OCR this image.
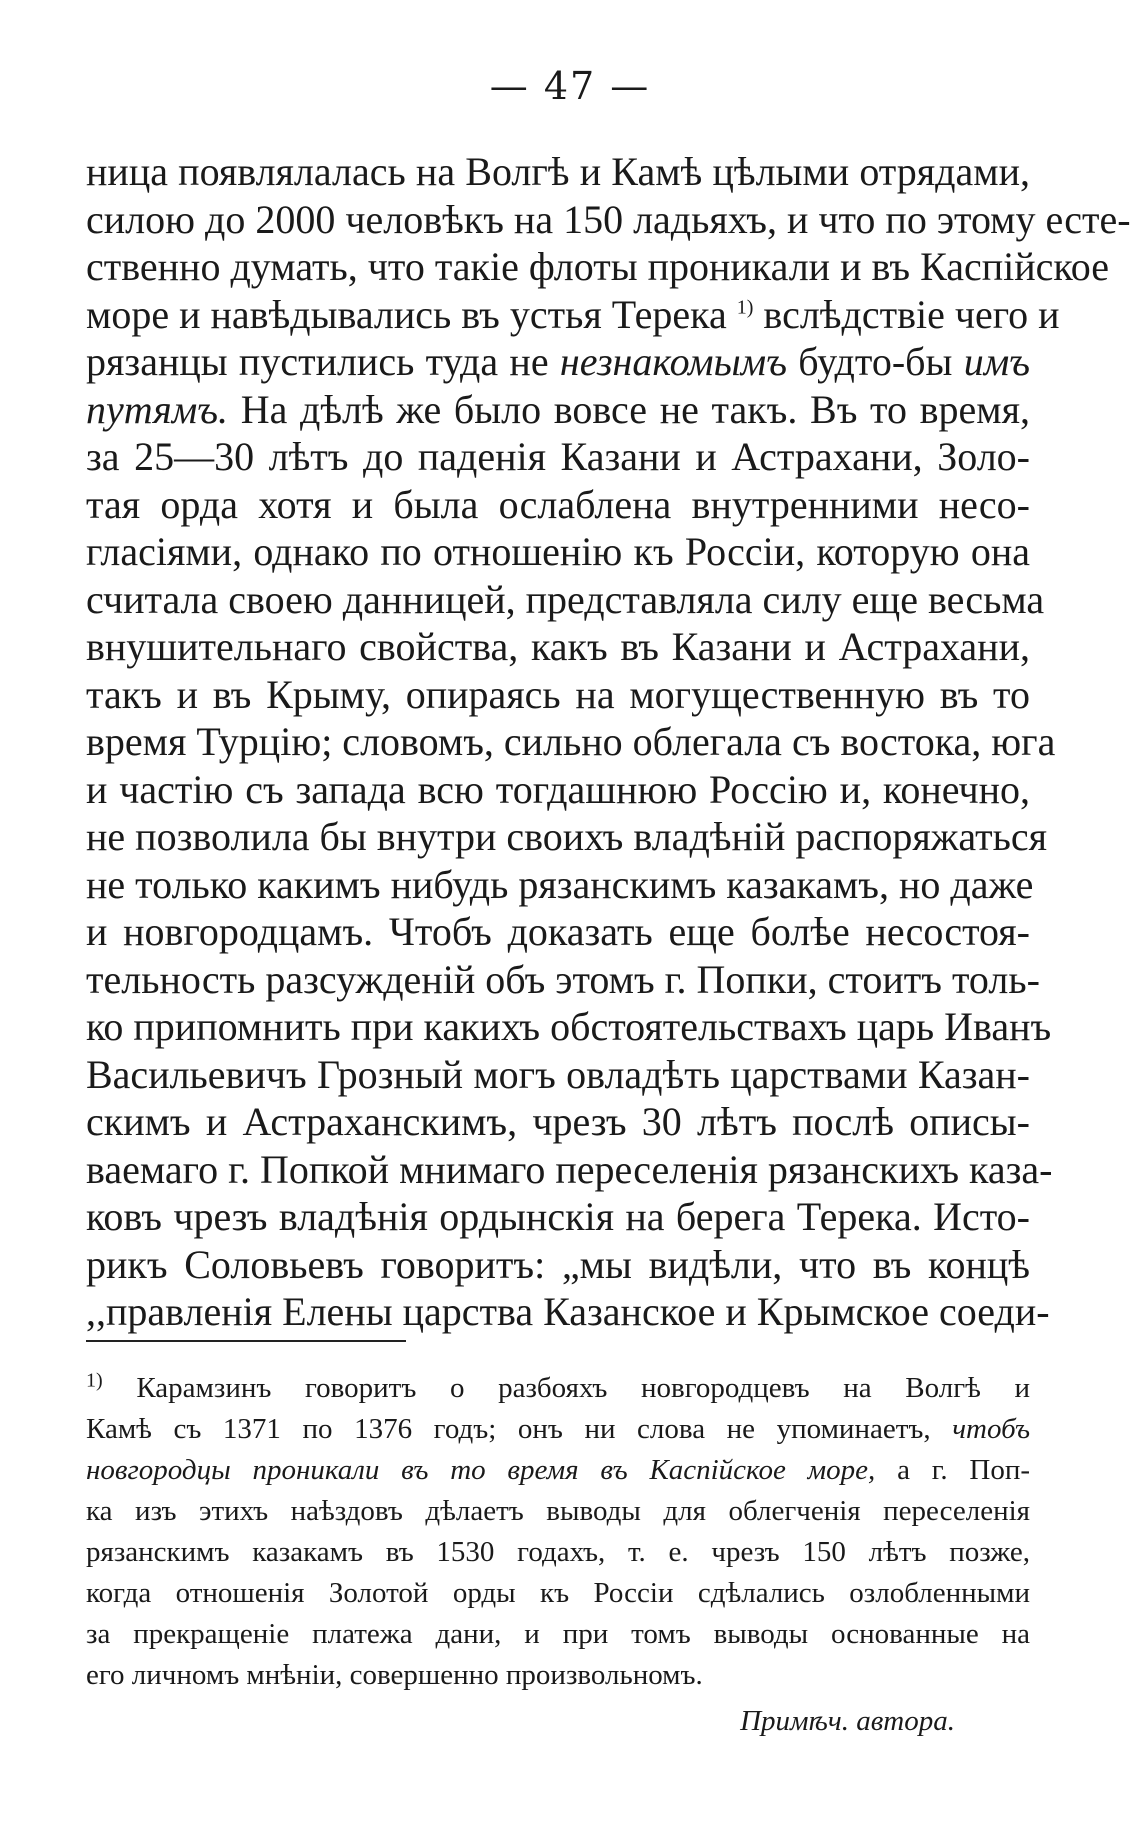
— 47 —
ница появлялалась на Волгѣ и Камѣ цѣлыми отрядами,
силою до 2000 человѣкъ на 150 ладьяхъ, и что по этому есте-
ственно думать, что такіе флоты проникали и въ Каспійское
море и навѣдывались въ устья Терека $^{1)}$ вслѣдствіе чего и
рязанцы пустились туда не незнакомымъ будто-бы имъ
путямъ. На дѣлѣ же было вовсе не такъ. Въ то время,
за 25—30 лѣтъ до паденія Казани и Астрахани, Золо-
тая орда хотя и была ослаблена внутренними несо-
гласіями, однако по отношенію къ Россіи, которую она
считала своею данницей, представляла силу еще весьма
внушительнаго свойства, какъ въ Казани и Астрахани,
такъ и въ Крыму, опираясь на могущественную въ то
время Турцію; словомъ, сильно облегала съ востока, юга
и частію съ запада всю тогдашнюю Россію и, конечно,
не позволила бы внутри своихъ владѣній распоряжаться
не только какимъ нибудь рязанскимъ казакамъ, но даже
и новгородцамъ. Чтобъ доказать еще болѣе несостоя-
тельность разсужденій объ этомъ г. Попки, стоитъ толь-
ко припомнить при какихъ обстоятельствахъ царь Иванъ
Васильевичъ Грозный могъ овладѣть царствами Казан-
скимъ и Астраханскимъ, чрезъ 30 лѣтъ послѣ описы-
ваемаго г. Попкой мнимаго переселенія рязанскихъ каза-
ковъ чрезъ владѣнія ордынскія на берега Терека. Исто-
рикъ Соловьевъ говоритъ: „мы видѣли, что въ концѣ
,,правленія Елены царства Казанское и Крымское соеди-
$^{1)}$ Карамзинъ говоритъ о разбояхъ новгородцевъ на Волгѣ и
Камѣ съ 1371 по 1376 годъ; онъ ни слова не упоминаетъ, чтобъ
новгородцы проникали въ то время въ Каспійское море, а г. Поп-
ка изъ этихъ наѣздовъ дѣлаетъ выводы для облегченія переселенія
рязанскимъ казакамъ въ 1530 годахъ, т. е. чрезъ 150 лѣтъ позже,
когда отношенія Золотой орды къ Россіи сдѣлались озлобленными
за прекращеніе платежа дани, и при томъ выводы основанные на
его личномъ мнѣніи, совершенно произвольномъ.
Примѣч. автора.
